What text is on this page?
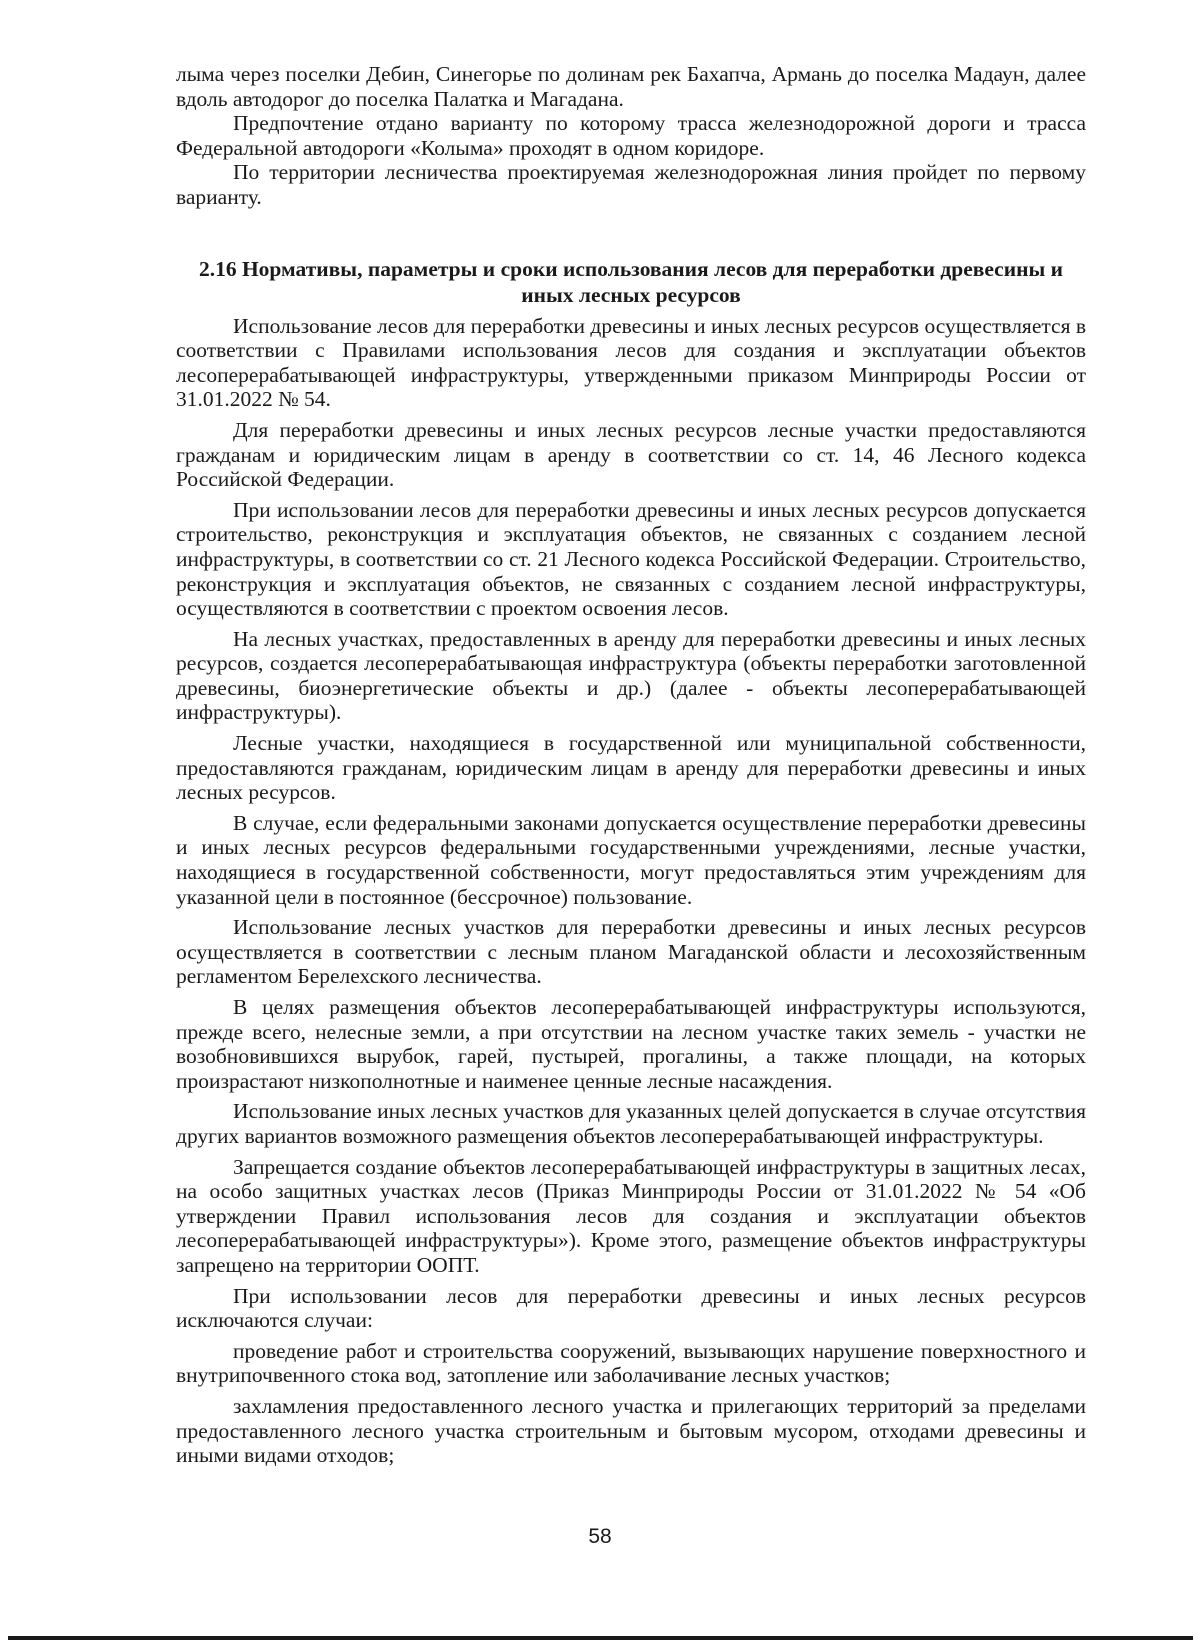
лыма через поселки Дебин, Синегорье по долинам рек Бахапча, Армань до поселка Мадаун, далее вдоль автодорог до поселка Палатка и Магадана.

Предпочтение отдано варианту по которому трасса железнодорожной дороги и трасса Федеральной автодороги «Колыма» проходят в одном коридоре.

По территории лесничества проектируемая железнодорожная линия пройдет по первому варианту.

2.16 Нормативы, параметры и сроки использования лесов для переработки древесины и иных лесных ресурсов

Использование лесов для переработки древесины и иных лесных ресурсов осуществляется в соответствии с Правилами использования лесов для создания и эксплуатации объектов лесоперерабатывающей инфраструктуры, утвержденными приказом Минприроды России от 31.01.2022 № 54.

Для переработки древесины и иных лесных ресурсов лесные участки предоставляются гражданам и юридическим лицам в аренду в соответствии со ст. 14, 46 Лесного кодекса Российской Федерации.

При использовании лесов для переработки древесины и иных лесных ресурсов допускается строительство, реконструкция и эксплуатация объектов, не связанных с созданием лесной инфраструктуры, в соответствии со ст. 21 Лесного кодекса Российской Федерации. Строительство, реконструкция и эксплуатация объектов, не связанных с созданием лесной инфраструктуры, осуществляются в соответствии с проектом освоения лесов.

На лесных участках, предоставленных в аренду для переработки древесины и иных лесных ресурсов, создается лесоперерабатывающая инфраструктура (объекты переработки заготовленной древесины, биоэнергетические объекты и др.) (далее - объекты лесоперерабатывающей инфраструктуры).

Лесные участки, находящиеся в государственной или муниципальной собственности, предоставляются гражданам, юридическим лицам в аренду для переработки древесины и иных лесных ресурсов.

В случае, если федеральными законами допускается осуществление переработки древесины и иных лесных ресурсов федеральными государственными учреждениями, лесные участки, находящиеся в государственной собственности, могут предоставляться этим учреждениям для указанной цели в постоянное (бессрочное) пользование.

Использование лесных участков для переработки древесины и иных лесных ресурсов осуществляется в соответствии с лесным планом Магаданской области и лесохозяйственным регламентом Берелехского лесничества.

В целях размещения объектов лесоперерабатывающей инфраструктуры используются, прежде всего, нелесные земли, а при отсутствии на лесном участке таких земель - участки не возобновившихся вырубок, гарей, пустырей, прогалины, а также площади, на которых произрастают низкополнотные и наименее ценные лесные насаждения.

Использование иных лесных участков для указанных целей допускается в случае отсутствия других вариантов возможного размещения объектов лесоперерабатывающей инфраструктуры.

Запрещается создание объектов лесоперерабатывающей инфраструктуры в защитных лесах, на особо защитных участках лесов (Приказ Минприроды России от 31.01.2022 № 54 «Об утверждении Правил использования лесов для создания и эксплуатации объектов лесоперерабатывающей инфраструктуры»). Кроме этого, размещение объектов инфраструктуры запрещено на территории ООПТ.

При использовании лесов для переработки древесины и иных лесных ресурсов исключаются случаи:

проведение работ и строительства сооружений, вызывающих нарушение поверхностного и внутрипочвенного стока вод, затопление или заболачивание лесных участков;

захламления предоставленного лесного участка и прилегающих территорий за пределами предоставленного лесного участка строительным и бытовым мусором, отходами древесины и иными видами отходов;

58
